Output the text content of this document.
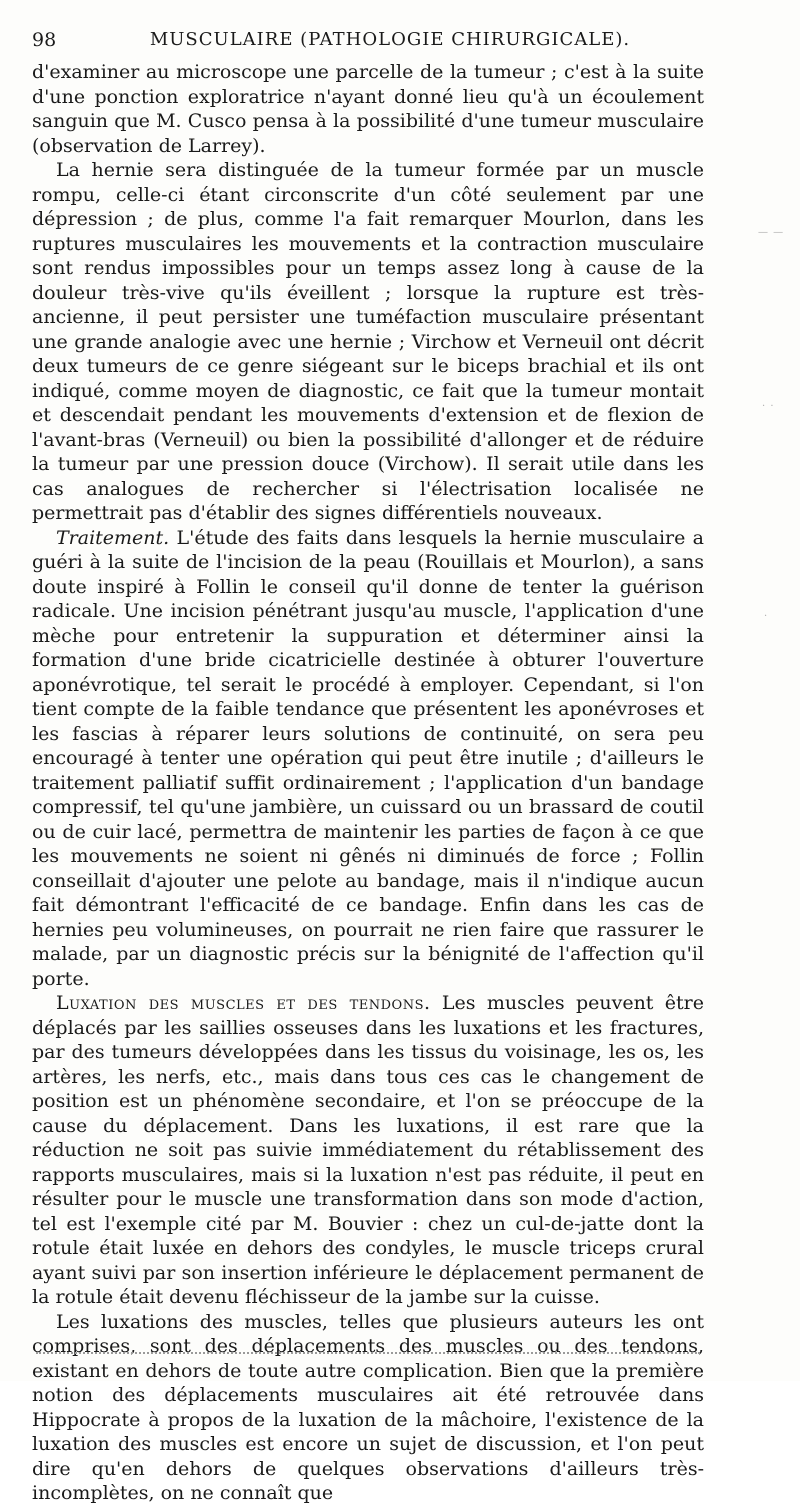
98	MUSCULAIRE (PATHOLOGIE CHIRURGICALE).

d'examiner au microscope une parcelle de la tumeur ; c'est à la suite d'une ponction exploratrice n'ayant donné lieu qu'à un écoulement sanguin que M. Cusco pensa à la possibilité d'une tumeur musculaire (observation de Larrey).

La hernie sera distinguée de la tumeur formée par un muscle rompu, celle-ci étant circonscrite d'un côté seulement par une dépression ; de plus, comme l'a fait remarquer Mourlon, dans les ruptures musculaires les mouvements et la contraction musculaire sont rendus impossibles pour un temps assez long à cause de la douleur très-vive qu'ils éveillent ; lorsque la rupture est très-ancienne, il peut persister une tuméfaction musculaire présentant une grande analogie avec une hernie ; Virchow et Verneuil ont décrit deux tumeurs de ce genre siégeant sur le biceps brachial et ils ont indiqué, comme moyen de diagnostic, ce fait que la tumeur montait et descendait pendant les mouvements d'extension et de flexion de l'avant-bras (Verneuil) ou bien la possibilité d'allonger et de réduire la tumeur par une pression douce (Virchow). Il serait utile dans les cas analogues de rechercher si l'électrisation localisée ne permettrait pas d'établir des signes différentiels nouveaux.

Traitement. L'étude des faits dans lesquels la hernie musculaire a guéri à la suite de l'incision de la peau (Rouillais et Mourlon), a sans doute inspiré à Follin le conseil qu'il donne de tenter la guérison radicale. Une incision pénétrant jusqu'au muscle, l'application d'une mèche pour entretenir la suppuration et déterminer ainsi la formation d'une bride cicatricielle destinée à obturer l'ouverture aponévrotique, tel serait le procédé à employer. Cependant, si l'on tient compte de la faible tendance que présentent les aponévroses et les fascias à réparer leurs solutions de continuité, on sera peu encouragé à tenter une opération qui peut être inutile ; d'ailleurs le traitement palliatif suffit ordinairement ; l'application d'un bandage compressif, tel qu'une jambière, un cuissard ou un brassard de coutil ou de cuir lacé, permettra de maintenir les parties de façon à ce que les mouvements ne soient ni gênés ni diminués de force ; Follin conseillait d'ajouter une pelote au bandage, mais il n'indique aucun fait démontrant l'efficacité de ce bandage. Enfin dans les cas de hernies peu volumineuses, on pourrait ne rien faire que rassurer le malade, par un diagnostic précis sur la bénignité de l'affection qu'il porte.

Luxation des muscles et des tendons. Les muscles peuvent être déplacés par les saillies osseuses dans les luxations et les fractures, par des tumeurs développées dans les tissus du voisinage, les os, les artères, les nerfs, etc., mais dans tous ces cas le changement de position est un phénomène secondaire, et l'on se préoccupe de la cause du déplacement. Dans les luxations, il est rare que la réduction ne soit pas suivie immédiatement du rétablissement des rapports musculaires, mais si la luxation n'est pas réduite, il peut en résulter pour le muscle une transformation dans son mode d'action, tel est l'exemple cité par M. Bouvier : chez un cul-de-jatte dont la rotule était luxée en dehors des condyles, le muscle triceps crural ayant suivi par son insertion inférieure le déplacement permanent de la rotule était devenu fléchisseur de la jambe sur la cuisse.

Les luxations des muscles, telles que plusieurs auteurs les ont comprises, sont des déplacements des muscles ou des tendons, existant en dehors de toute autre complication. Bien que la première notion des déplacements musculaires ait été retrouvée dans Hippocrate à propos de la luxation de la mâchoire, l'existence de la luxation des muscles est encore un sujet de discussion, et l'on peut dire qu'en dehors de quelques observations d'ailleurs très-incomplètes, on ne connaît que

— —
· ·
·
